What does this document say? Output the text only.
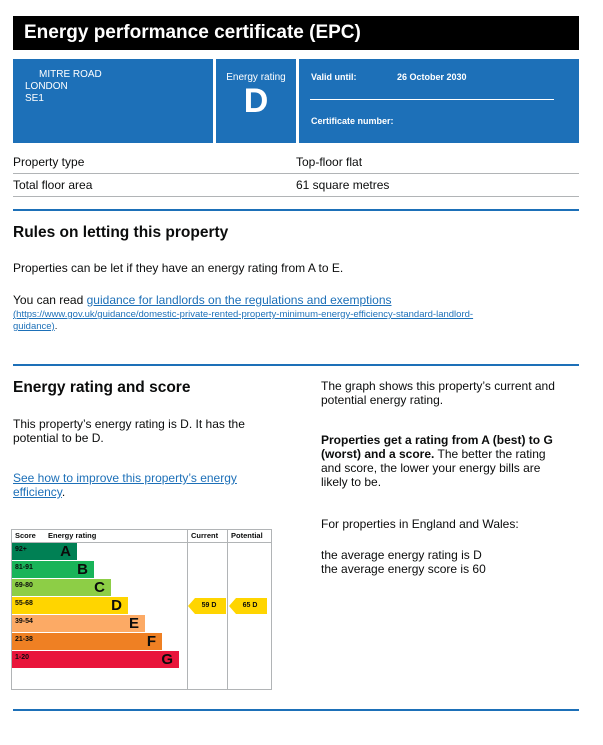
Energy performance certificate (EPC)
MITRE ROAD
LONDON
SE1
Energy rating
D
Valid until:	26 October 2030
Certificate number:
Property type	Top-floor flat
Total floor area	61 square metres
Rules on letting this property

Properties can be let if they have an energy rating from A to E.

You can read guidance for landlords on the regulations and exemptions

(https://www.gov.uk/guidance/domestic-private-rented-property-minimum-energy-efficiency-standard-landlord-
guidance).

Energy rating and score

This property’s energy rating is D. It has the
potential to be D.

See how to improve this property’s energy
efficiency.

The graph shows this property’s current and
potential energy rating.

Properties get a rating from A (best) to G
(worst) and a score. The better the rating
and score, the lower your energy bills are
likely to be.

For properties in England and Wales:

the average energy rating is D
the average energy score is 60

Score Energy rating	Current Potential
92+ A
81-91	B
69-80	C
55-68	D
39-54	E
21-38	F
1-20	G
59 D	65 D
